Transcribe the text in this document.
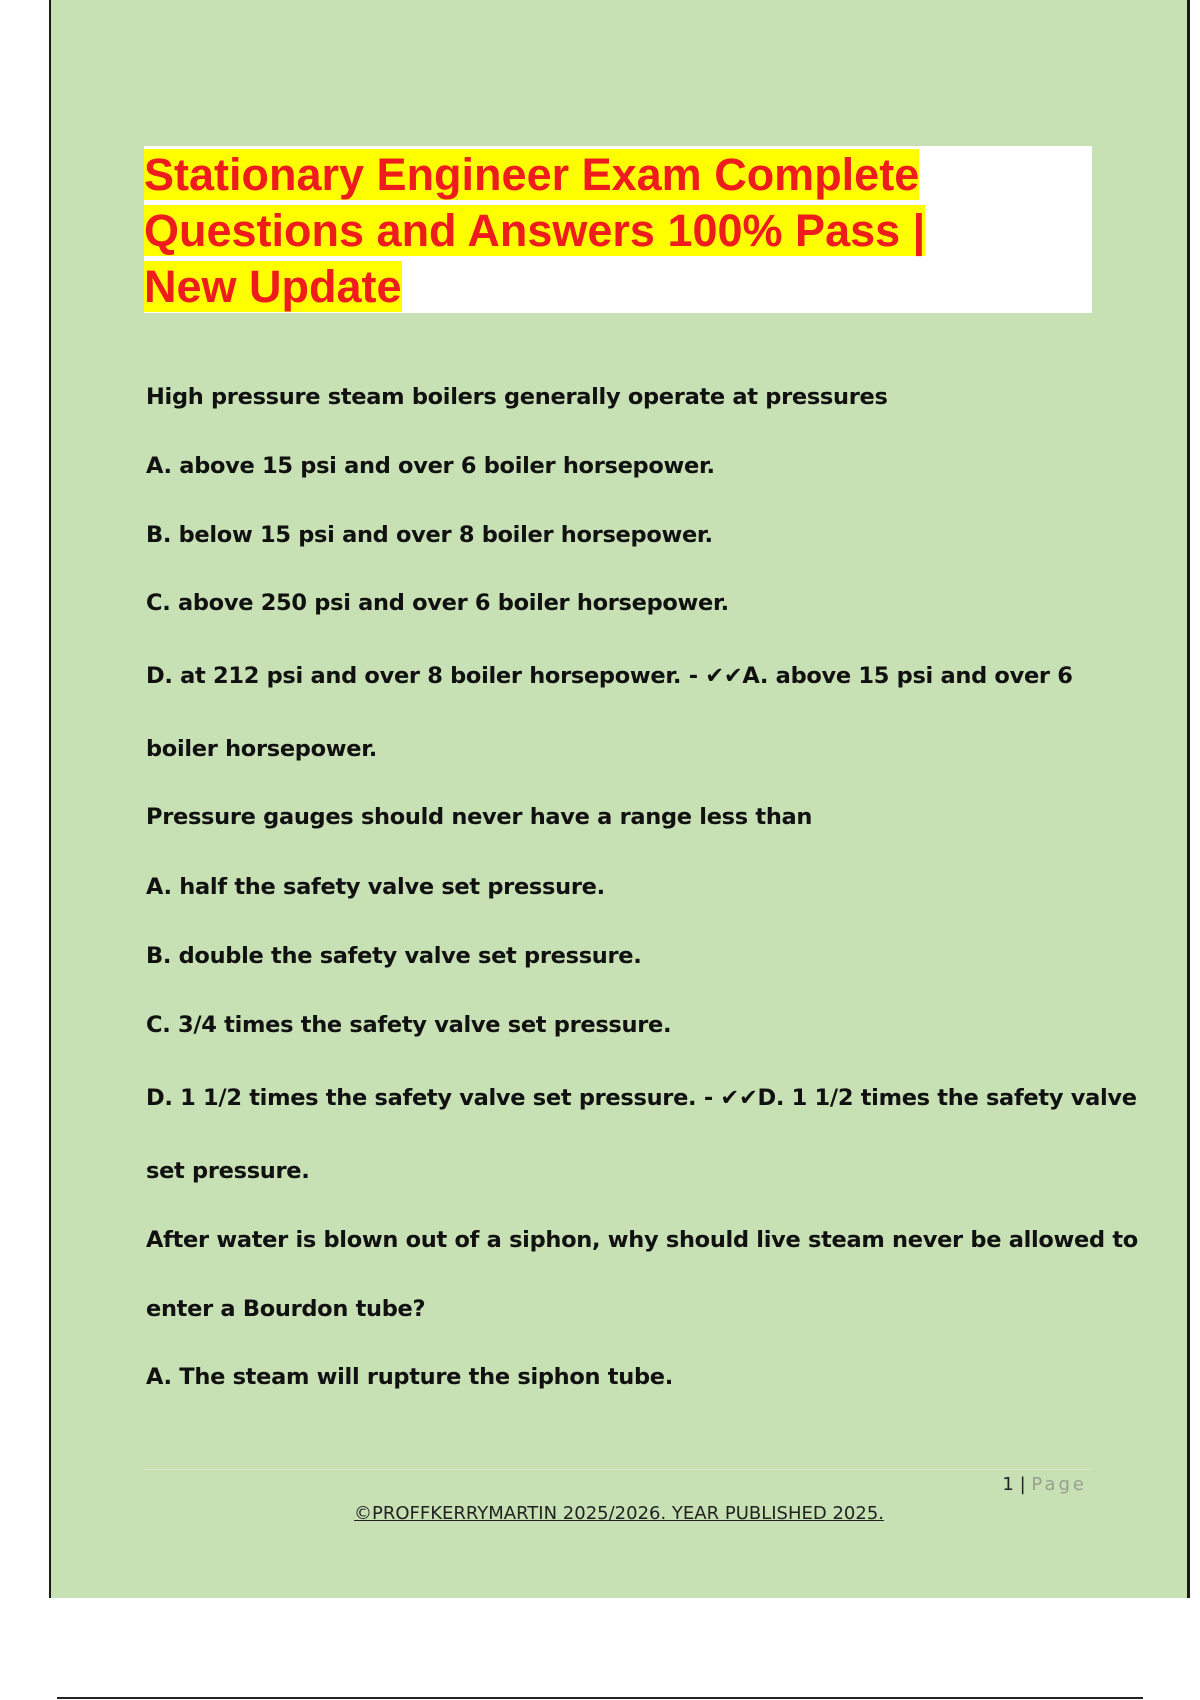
Stationary Engineer Exam Complete Questions and Answers 100% Pass | New Update
High pressure steam boilers generally operate at pressures
A. above 15 psi and over 6 boiler horsepower.
B. below 15 psi and over 8 boiler horsepower.
C. above 250 psi and over 6 boiler horsepower.
D. at 212 psi and over 8 boiler horsepower. - ✔✔A. above 15 psi and over 6
boiler horsepower.
Pressure gauges should never have a range less than
A. half the safety valve set pressure.
B. double the safety valve set pressure.
C. 3/4 times the safety valve set pressure.
D. 1 1/2 times the safety valve set pressure. - ✔✔D. 1 1/2 times the safety valve
set pressure.
After water is blown out of a siphon, why should live steam never be allowed to
enter a Bourdon tube?
A. The steam will rupture the siphon tube.
1 | Page
©PROFFKERRYMARTIN 2025/2026. YEAR PUBLISHED 2025.
